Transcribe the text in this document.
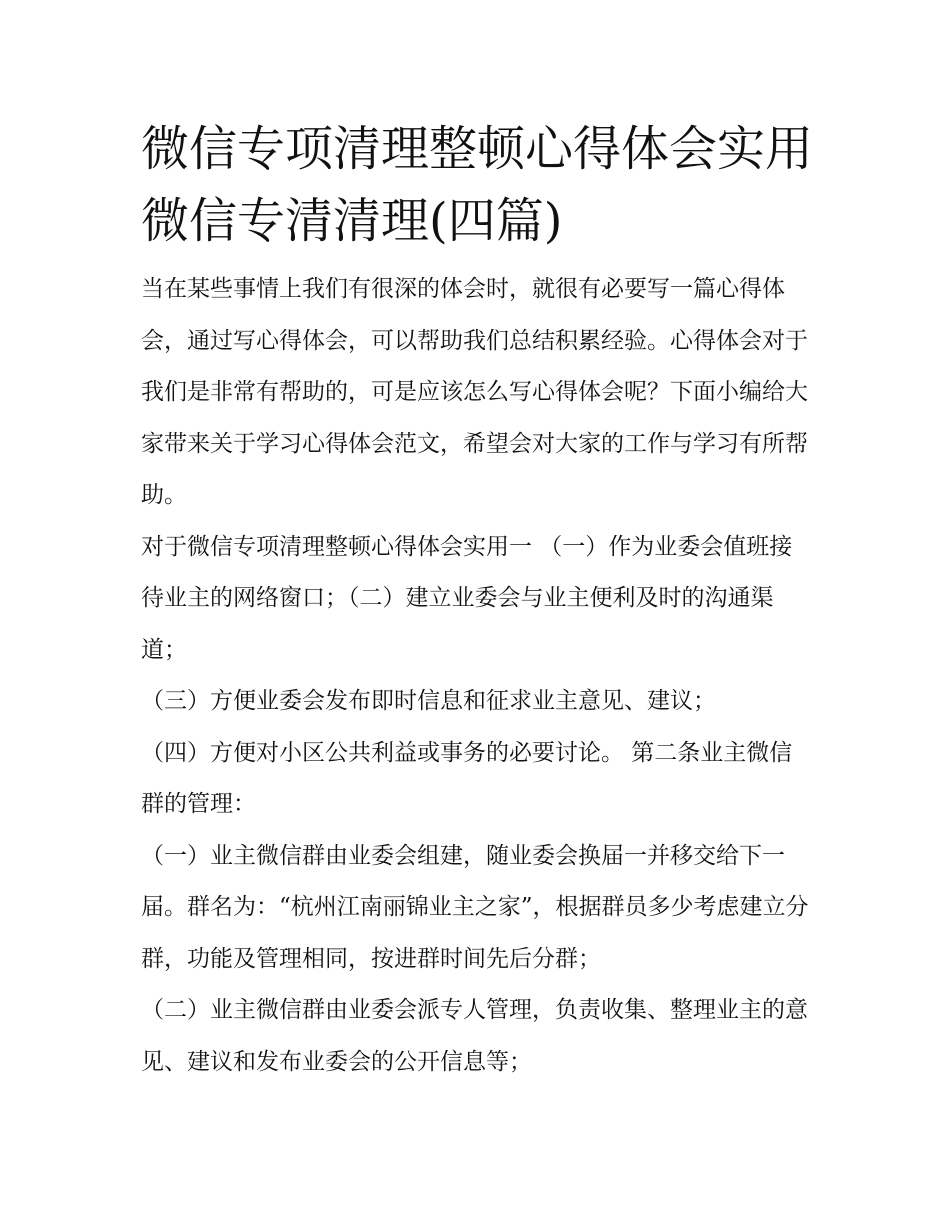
微信专项清理整顿心得体会实用 微信专清清理(四篇)

当在某些事情上我们有很深的体会时，就很有必要写一篇心得体会，通过写心得体会，可以帮助我们总结积累经验。心得体会对于我们是非常有帮助的，可是应该怎么写心得体会呢？下面小编给大家带来关于学习心得体会范文，希望会对大家的工作与学习有所帮助。

对于微信专项清理整顿心得体会实用一 （一）作为业委会值班接待业主的网络窗口；（二）建立业委会与业主便利及时的沟通渠道；

（三）方便业委会发布即时信息和征求业主意见、建议；

（四）方便对小区公共利益或事务的必要讨论。 第二条业主微信群的管理：

（一）业主微信群由业委会组建，随业委会换届一并移交给下一届。群名为：“杭州江南丽锦业主之家”，根据群员多少考虑建立分群，功能及管理相同，按进群时间先后分群；

（二）业主微信群由业委会派专人管理，负责收集、整理业主的意见、建议和发布业委会的公开信息等；
